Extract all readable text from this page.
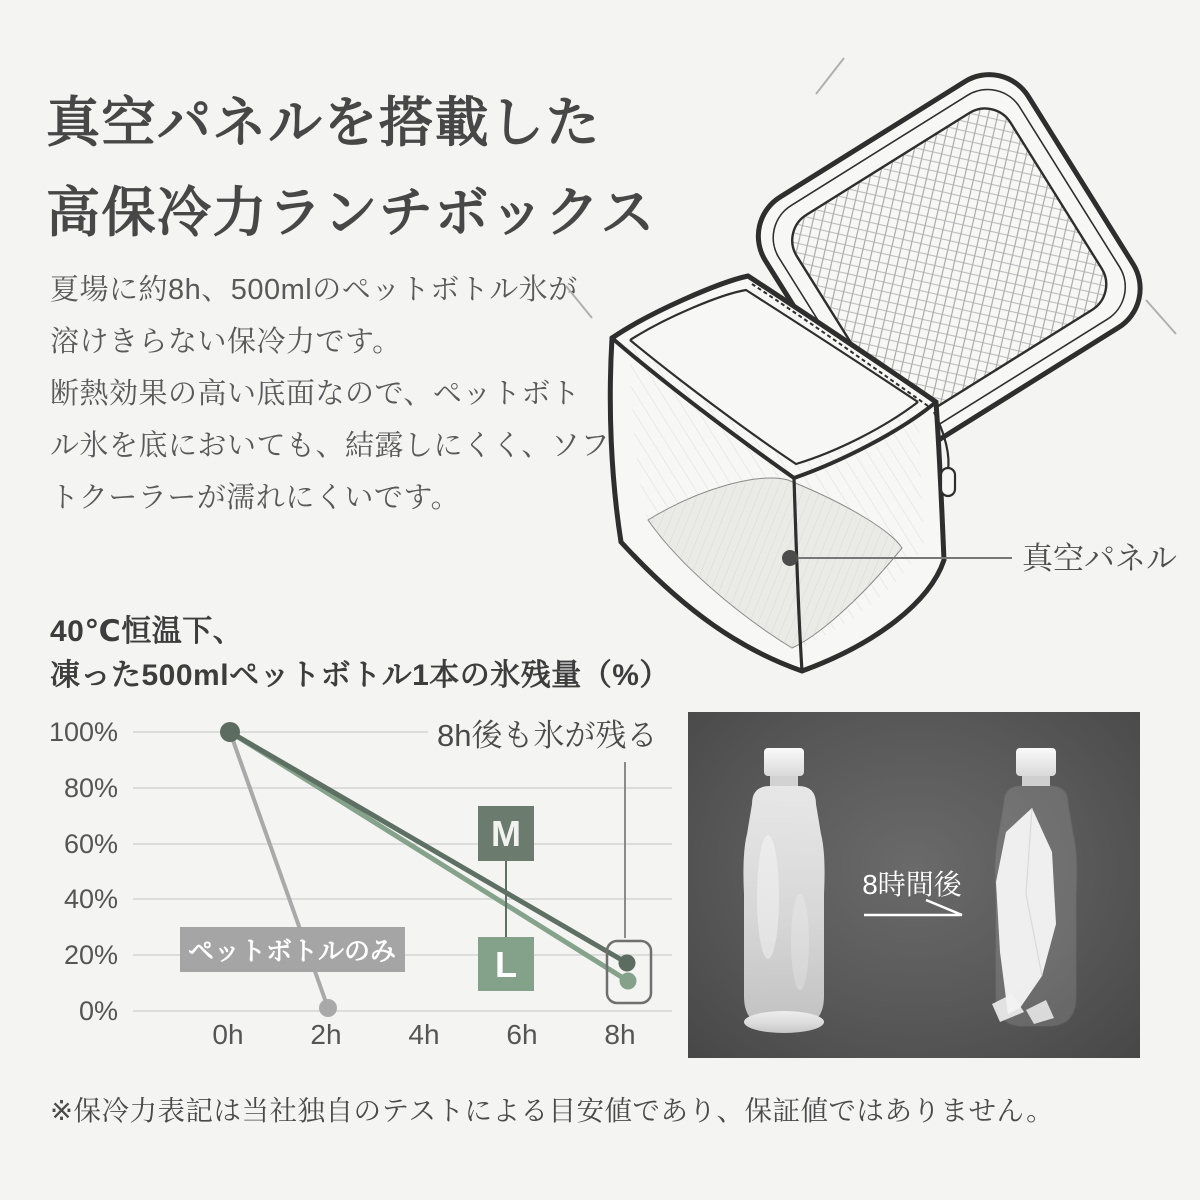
真空パネルを搭載した
高保冷力ランチボックス
夏場に約8h、500mlのペットボトル氷が
溶けきらない保冷力です。
断熱効果の高い底面なので、ペットボト
ル氷を底においても、結露しにくく、ソフ
トクーラーが濡れにくいです。
真空パネル
40℃恒温下、
凍った500mlペットボトル1本の氷残量（%）
100%
80%
60%
40%
20%
0%
M
L
ペットボトルのみ
8h後も氷が残る
0h 2h 4h 6h 8h
8時間後
※保冷力表記は当社独自のテストによる目安値であり、保証値ではありません。
